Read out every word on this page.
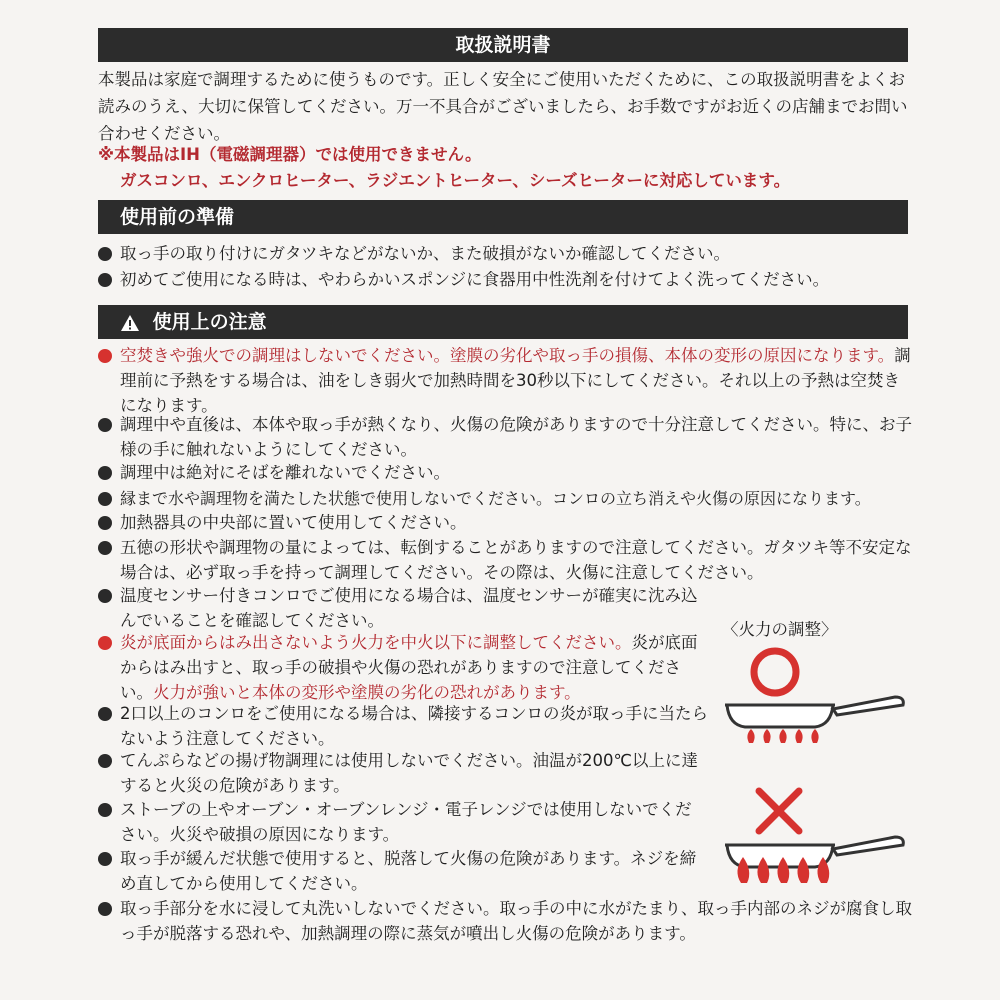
取扱説明書
本製品は家庭で調理するために使うものです。正しく安全にご使用いただくために、この取扱説明書をよくお読みのうえ、大切に保管してください。万一不具合がございましたら、お手数ですがお近くの店舗までお問い合わせください。
※本製品はIH（電磁調理器）では使用できません。
ガスコンロ、エンクロヒーター、ラジエントヒーター、シーズヒーターに対応しています。
使用前の準備
取っ手の取り付けにガタツキなどがないか、また破損がないか確認してください。
初めてご使用になる時は、やわらかいスポンジに食器用中性洗剤を付けてよく洗ってください。
使用上の注意
空焚きや強火での調理はしないでください。塗膜の劣化や取っ手の損傷、本体の変形の原因になります。調理前に予熱をする場合は、油をしき弱火で加熱時間を30秒以下にしてください。それ以上の予熱は空焚きになります。
調理中や直後は、本体や取っ手が熱くなり、火傷の危険がありますので十分注意してください。特に、お子様の手に触れないようにしてください。
調理中は絶対にそばを離れないでください。
縁まで水や調理物を満たした状態で使用しないでください。コンロの立ち消えや火傷の原因になります。
加熱器具の中央部に置いて使用してください。
五徳の形状や調理物の量によっては、転倒することがありますので注意してください。ガタツキ等不安定な場合は、必ず取っ手を持って調理してください。その際は、火傷に注意してください。
温度センサー付きコンロでご使用になる場合は、温度センサーが確実に沈み込んでいることを確認してください。
炎が底面からはみ出さないよう火力を中火以下に調整してください。炎が底面からはみ出すと、取っ手の破損や火傷の恐れがありますので注意してください。火力が強いと本体の変形や塗膜の劣化の恐れがあります。
2口以上のコンロをご使用になる場合は、隣接するコンロの炎が取っ手に当たらないよう注意してください。
てんぷらなどの揚げ物調理には使用しないでください。油温が200℃以上に達すると火災の危険があります。
ストーブの上やオーブン・オーブンレンジ・電子レンジでは使用しないでください。火災や破損の原因になります。
取っ手が緩んだ状態で使用すると、脱落して火傷の危険があります。ネジを締め直してから使用してください。
取っ手部分を水に浸して丸洗いしないでください。取っ手の中に水がたまり、取っ手内部のネジが腐食し取っ手が脱落する恐れや、加熱調理の際に蒸気が噴出し火傷の危険があります。
〈火力の調整〉
